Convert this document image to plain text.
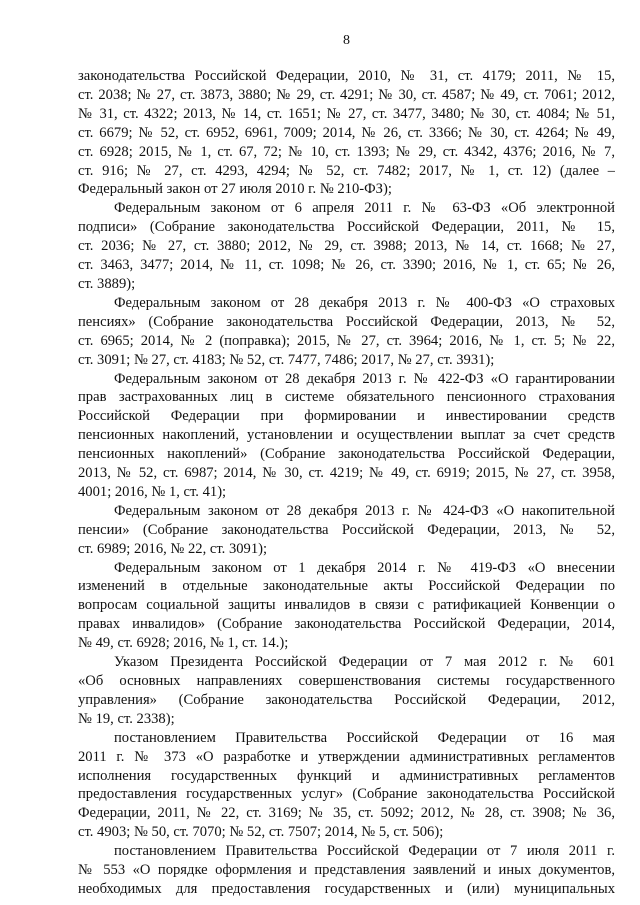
8
законодательства Российской Федерации, 2010, № 31, ст. 4179; 2011, № 15,
ст. 2038; № 27, ст. 3873, 3880; № 29, ст. 4291; № 30, ст. 4587; № 49, ст. 7061; 2012,
№ 31, ст. 4322; 2013, № 14, ст. 1651; № 27, ст. 3477, 3480; № 30, ст. 4084; № 51,
ст. 6679; № 52, ст. 6952, 6961, 7009; 2014, № 26, ст. 3366; № 30, ст. 4264; № 49,
ст. 6928; 2015, № 1, ст. 67, 72; № 10, ст. 1393; № 29, ст. 4342, 4376; 2016, № 7,
ст. 916; № 27, ст. 4293, 4294; № 52, ст. 7482; 2017, № 1, ст. 12) (далее –
Федеральный закон от 27 июля 2010 г. № 210-ФЗ);
Федеральным законом от 6 апреля 2011 г. № 63-ФЗ «Об электронной
подписи» (Собрание законодательства Российской Федерации, 2011, № 15,
ст. 2036; № 27, ст. 3880; 2012, № 29, ст. 3988; 2013, № 14, ст. 1668; № 27,
ст. 3463, 3477; 2014, № 11, ст. 1098; № 26, ст. 3390; 2016, № 1, ст. 65; № 26,
ст. 3889);
Федеральным законом от 28 декабря 2013 г. № 400-ФЗ «О страховых
пенсиях» (Собрание законодательства Российской Федерации, 2013, № 52,
ст. 6965; 2014, № 2 (поправка); 2015, № 27, ст. 3964; 2016, № 1, ст. 5; № 22,
ст. 3091; № 27, ст. 4183; № 52, ст. 7477, 7486; 2017, № 27, ст. 3931);
Федеральным законом от 28 декабря 2013 г. № 422-ФЗ «О гарантировании
прав застрахованных лиц в системе обязательного пенсионного страхования
Российской Федерации при формировании и инвестировании средств
пенсионных накоплений, установлении и осуществлении выплат за счет средств
пенсионных накоплений» (Собрание законодательства Российской Федерации,
2013, № 52, ст. 6987; 2014, № 30, ст. 4219; № 49, ст. 6919; 2015, № 27, ст. 3958,
4001; 2016, № 1, ст. 41);
Федеральным законом от 28 декабря 2013 г. № 424-ФЗ «О накопительной
пенсии» (Собрание законодательства Российской Федерации, 2013, № 52,
ст. 6989; 2016, № 22, ст. 3091);
Федеральным законом от 1 декабря 2014 г. № 419-ФЗ «О внесении
изменений в отдельные законодательные акты Российской Федерации по
вопросам социальной защиты инвалидов в связи с ратификацией Конвенции о
правах инвалидов» (Собрание законодательства Российской Федерации, 2014,
№ 49, ст. 6928; 2016, № 1, ст. 14.);
Указом Президента Российской Федерации от 7 мая 2012 г. № 601
«Об основных направлениях совершенствования системы государственного
управления» (Собрание законодательства Российской Федерации, 2012,
№ 19, ст. 2338);
постановлением Правительства Российской Федерации от 16 мая
2011 г. № 373 «О разработке и утверждении административных регламентов
исполнения государственных функций и административных регламентов
предоставления государственных услуг» (Собрание законодательства Российской
Федерации, 2011, № 22, ст. 3169; № 35, ст. 5092; 2012, № 28, ст. 3908; № 36,
ст. 4903; № 50, ст. 7070; № 52, ст. 7507; 2014, № 5, ст. 506);
постановлением Правительства Российской Федерации от 7 июля 2011 г.
№ 553 «О порядке оформления и представления заявлений и иных документов,
необходимых для предоставления государственных и (или) муниципальных
